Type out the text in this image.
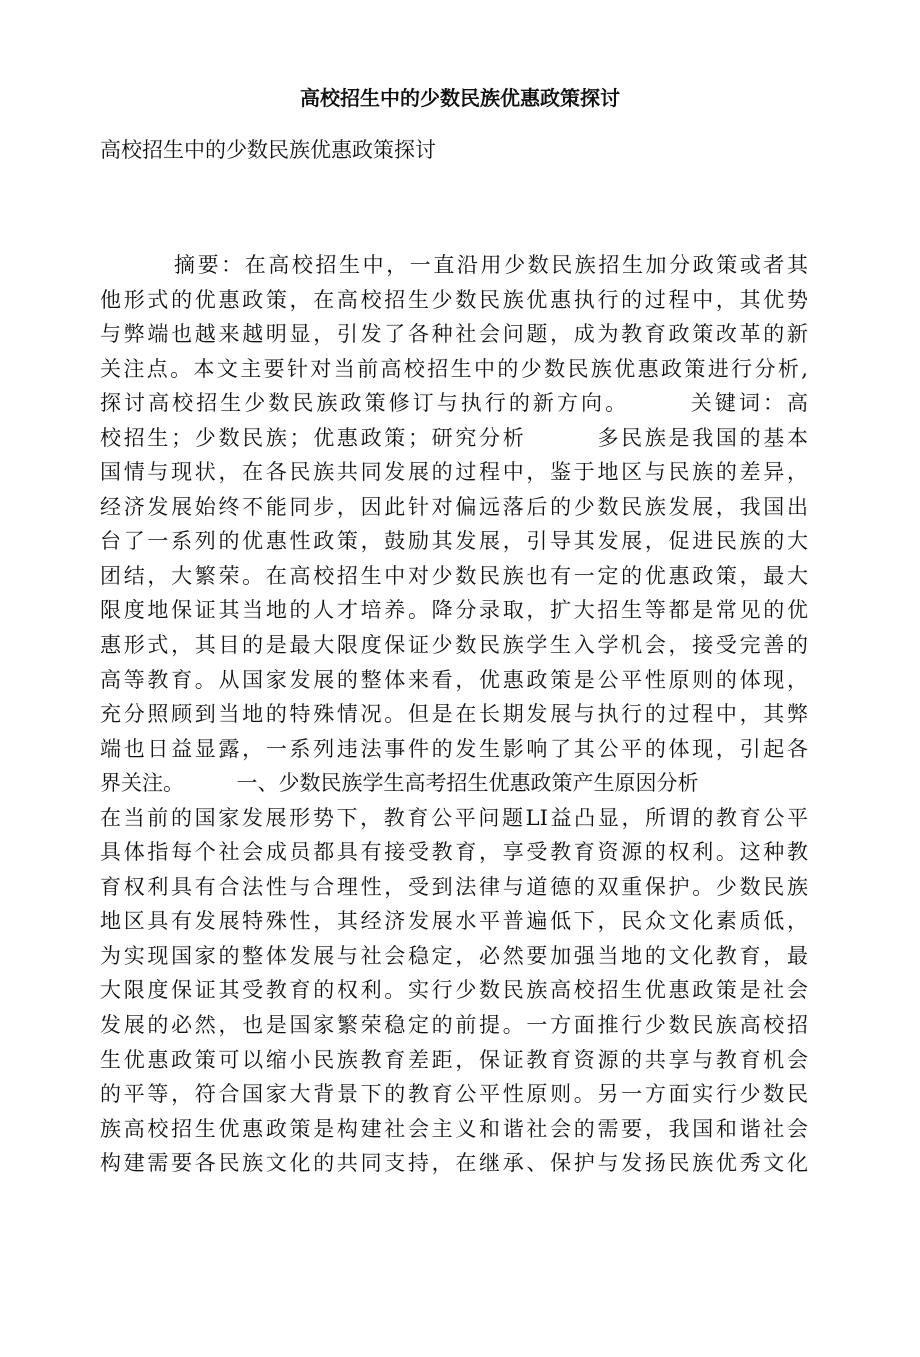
高校招生中的少数民族优惠政策探讨

高校招生中的少数民族优惠政策探讨

摘要：在高校招生中，一直沿用少数民族招生加分政策或者其
他形式的优惠政策，在高校招生少数民族优惠执行的过程中，其优势
与弊端也越来越明显，引发了各种社会问题，成为教育政策改革的新
关注点。本文主要针对当前高校招生中的少数民族优惠政策进行分析,
探讨高校招生少数民族政策修订与执行的新方向。　　　关键词：高
校招生；少数民族；优惠政策；研究分析　　　多民族是我国的基本
国情与现状，在各民族共同发展的过程中，鉴于地区与民族的差异，
经济发展始终不能同步，因此针对偏远落后的少数民族发展，我国出
台了一系列的优惠性政策，鼓励其发展，引导其发展，促进民族的大
团结，大繁荣。在高校招生中对少数民族也有一定的优惠政策，最大
限度地保证其当地的人才培养。降分录取，扩大招生等都是常见的优
惠形式，其目的是最大限度保证少数民族学生入学机会，接受完善的
高等教育。从国家发展的整体来看，优惠政策是公平性原则的体现，
充分照顾到当地的特殊情况。但是在长期发展与执行的过程中，其弊
端也日益显露，一系列违法事件的发生影响了其公平的体现，引起各
界关注。　　　一、少数民族学生高考招生优惠政策产生原因分析
在当前的国家发展形势下，教育公平问题LI益凸显，所谓的教育公平
具体指每个社会成员都具有接受教育，享受教育资源的权利。这种教
育权利具有合法性与合理性，受到法律与道德的双重保护。少数民族
地区具有发展特殊性，其经济发展水平普遍低下，民众文化素质低，
为实现国家的整体发展与社会稳定，必然要加强当地的文化教育，最
大限度保证其受教育的权利。实行少数民族高校招生优惠政策是社会
发展的必然，也是国家繁荣稳定的前提。一方面推行少数民族高校招
生优惠政策可以缩小民族教育差距，保证教育资源的共享与教育机会
的平等，符合国家大背景下的教育公平性原则。另一方面实行少数民
族高校招生优惠政策是构建社会主义和谐社会的需要，我国和谐社会
构建需要各民族文化的共同支持，在继承、保护与发扬民族优秀文化
